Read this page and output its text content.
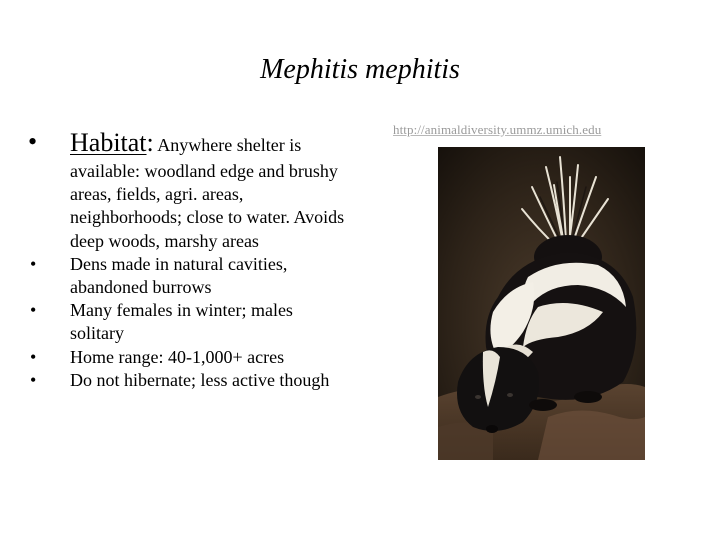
Mephitis mephitis
• Habitat: Anywhere shelter is
available: woodland edge and brushy areas, fields, agri. areas, neighborhoods; close to water. Avoids deep woods, marshy areas
•	Dens made in natural cavities, abandoned burrows
•	Many females in winter; males solitary
•	Home range: 40-1,000+ acres
•	Do not hibernate; less active though
http://animaldiversity.ummz.umich.edu
